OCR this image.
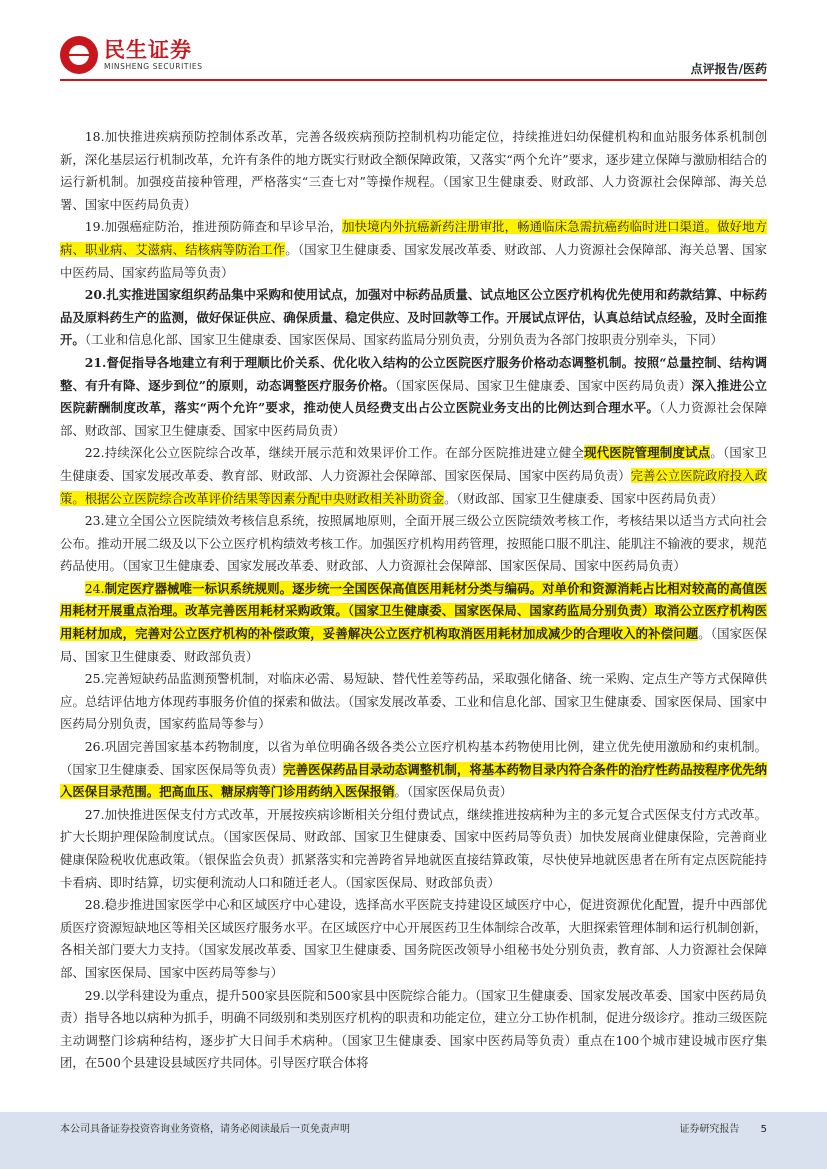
民生证券
MINSHENG SECURITIES	点评报告/医药

18.加快推进疾病预防控制体系改革，完善各级疾病预防控制机构功能定位，持续推进妇幼保健机构和血站服务体系机制创新，深化基层运行机制改革，允许有条件的地方既实行财政全额保障政策，又落实“两个允许”要求，逐步建立保障与激励相结合的运行新机制。加强疫苗接种管理，严格落实“三查七对”等操作规程。（国家卫生健康委、财政部、人力资源社会保障部、海关总署、国家中医药局负责）

19.加强癌症防治，推进预防筛查和早诊早治，加快境内外抗癌新药注册审批，畅通临床急需抗癌药临时进口渠道。做好地方病、职业病、艾滋病、结核病等防治工作。（国家卫生健康委、国家发展改革委、财政部、人力资源社会保障部、海关总署、国家中医药局、国家药监局等负责）

20.扎实推进国家组织药品集中采购和使用试点，加强对中标药品质量、试点地区公立医疗机构优先使用和药款结算、中标药品及原料药生产的监测，做好保证供应、确保质量、稳定供应、及时回款等工作。开展试点评估，认真总结试点经验，及时全面推开。（工业和信息化部、国家卫生健康委、国家医保局、国家药监局分别负责，分别负责为各部门按职责分别牵头，下同）

21.督促指导各地建立有利于理顺比价关系、优化收入结构的公立医院医疗服务价格动态调整机制。按照“总量控制、结构调整、有升有降、逐步到位”的原则，动态调整医疗服务价格。（国家医保局、国家卫生健康委、国家中医药局负责）深入推进公立医院薪酬制度改革，落实“两个允许”要求，推动使人员经费支出占公立医院业务支出的比例达到合理水平。（人力资源社会保障部、财政部、国家卫生健康委、国家中医药局负责）

22.持续深化公立医院综合改革，继续开展示范和效果评价工作。在部分医院推进建立健全现代医院管理制度试点。（国家卫生健康委、国家发展改革委、教育部、财政部、人力资源社会保障部、国家医保局、国家中医药局负责）完善公立医院政府投入政策。根据公立医院综合改革评价结果等因素分配中央财政相关补助资金。（财政部、国家卫生健康委、国家中医药局负责）

23.建立全国公立医院绩效考核信息系统，按照属地原则，全面开展三级公立医院绩效考核工作，考核结果以适当方式向社会公布。推动开展二级及以下公立医疗机构绩效考核工作。加强医疗机构用药管理，按照能口服不肌注、能肌注不输液的要求，规范药品使用。（国家卫生健康委、国家发展改革委、财政部、人力资源社会保障部、国家医保局、国家中医药局负责）

24.制定医疗器械唯一标识系统规则。逐步统一全国医保高值医用耗材分类与编码。对单价和资源消耗占比相对较高的高值医用耗材开展重点治理。改革完善医用耗材采购政策。（国家卫生健康委、国家医保局、国家药监局分别负责）取消公立医疗机构医用耗材加成，完善对公立医疗机构的补偿政策，妥善解决公立医疗机构取消医用耗材加成减少的合理收入的补偿问题。（国家医保局、国家卫生健康委、财政部负责）

25.完善短缺药品监测预警机制，对临床必需、易短缺、替代性差等药品，采取强化储备、统一采购、定点生产等方式保障供应。总结评估地方体现药事服务价值的探索和做法。（国家发展改革委、工业和信息化部、国家卫生健康委、国家医保局、国家中医药局分别负责，国家药监局等参与）

26.巩固完善国家基本药物制度，以省为单位明确各级各类公立医疗机构基本药物使用比例，建立优先使用激励和约束机制。（国家卫生健康委、国家医保局等负责）完善医保药品目录动态调整机制，将基本药物目录内符合条件的治疗性药品按程序优先纳入医保目录范围。把高血压、糖尿病等门诊用药纳入医保报销。（国家医保局负责）

27.加快推进医保支付方式改革，开展按疾病诊断相关分组付费试点，继续推进按病种为主的多元复合式医保支付方式改革。扩大长期护理保险制度试点。（国家医保局、财政部、国家卫生健康委、国家中医药局等负责）加快发展商业健康保险，完善商业健康保险税收优惠政策。（银保监会负责）抓紧落实和完善跨省异地就医直接结算政策，尽快使异地就医患者在所有定点医院能持卡看病、即时结算，切实便利流动人口和随迁老人。（国家医保局、财政部负责）

28.稳步推进国家医学中心和区域医疗中心建设，选择高水平医院支持建设区域医疗中心，促进资源优化配置，提升中西部优质医疗资源短缺地区等相关区域医疗服务水平。在区域医疗中心开展医药卫生体制综合改革，大胆探索管理体制和运行机制创新，各相关部门要大力支持。（国家发展改革委、国家卫生健康委、国务院医改领导小组秘书处分别负责，教育部、人力资源社会保障部、国家医保局、国家中医药局等参与）

29.以学科建设为重点，提升500家县医院和500家县中医院综合能力。（国家卫生健康委、国家发展改革委、国家中医药局负责）指导各地以病种为抓手，明确不同级别和类别医疗机构的职责和功能定位，建立分工协作机制，促进分级诊疗。推动三级医院主动调整门诊病种结构，逐步扩大日间手术病种。（国家卫生健康委、国家中医药局等负责）重点在100个城市建设城市医疗集团，在500个县建设县域医疗共同体。引导医疗联合体将

本公司具备证券投资咨询业务资格，请务必阅读最后一页免责声明	证券研究报告 5
